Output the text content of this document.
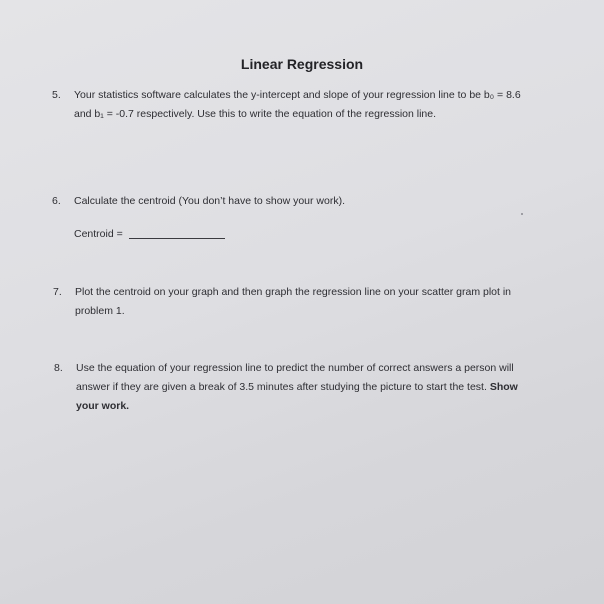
Linear Regression
5. Your statistics software calculates the y-intercept and slope of your regression line to be b₀ = 8.6
and b₁ = -0.7 respectively. Use this to write the equation of the regression line.
6. Calculate the centroid (You don’t have to show your work).
Centroid =
7. Plot the centroid on your graph and then graph the regression line on your scatter gram plot in
problem 1.
8. Use the equation of your regression line to predict the number of correct answers a person will
answer if they are given a break of 3.5 minutes after studying the picture to start the test. Show
your work.
